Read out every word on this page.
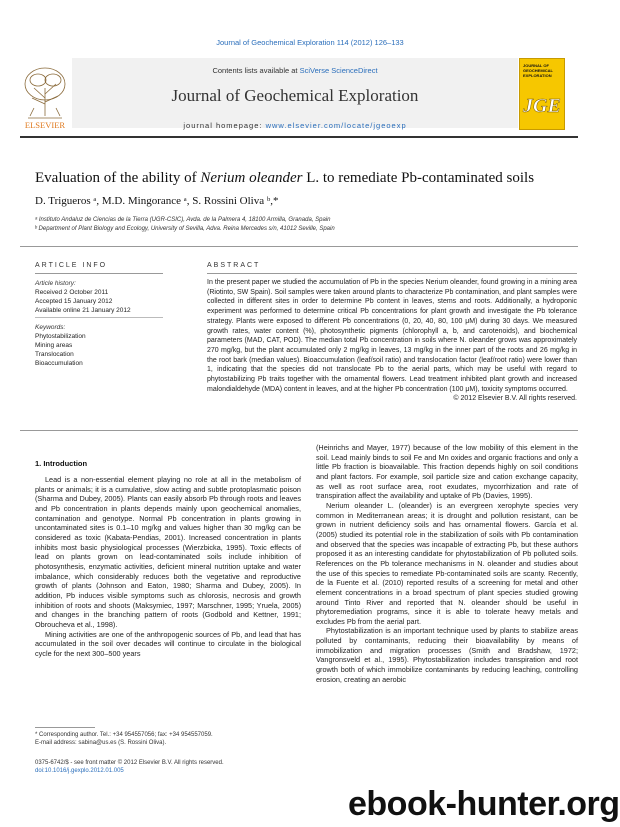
Journal of Geochemical Exploration 114 (2012) 126–133
ELSEVIER
Contents lists available at SciVerse ScienceDirect
Journal of Geochemical Exploration
journal homepage: www.elsevier.com/locate/jgeoexp
JOURNAL OF GEOCHEMICAL EXPLORATION
JGE
Evaluation of the ability of Nerium oleander L. to remediate Pb-contaminated soils
D. Trigueros ᵃ, M.D. Mingorance ᵃ, S. Rossini Oliva ᵇ,*
ᵃ Instituto Andaluz de Ciencias de la Tierra (UGR-CSIC), Avda. de la Palmera 4, 18100 Armilla, Granada, Spain
ᵇ Department of Plant Biology and Ecology, University of Sevilla, Adva. Reina Mercedes s/n, 41012 Seville, Spain
ARTICLE INFO	ABSTRACT
Article history:
Received 2 October 2011
Accepted 15 January 2012
Available online 21 January 2012
Keywords:
Phytostabilization
Mining areas
Translocation
Bioaccumulation
In the present paper we studied the accumulation of Pb in the species Nerium oleander, found growing in a mining area (Riotinto, SW Spain). Soil samples were taken around plants to characterize Pb contamination, and plant samples were collected in different sites in order to determine Pb content in leaves, stems and roots. Additionally, a hydroponic experiment was performed to determine critical Pb concentrations for plant growth and investigate the Pb tolerance strategy. Plants were exposed to different Pb concentrations (0, 20, 40, 80, 100 μM) during 30 days. We measured growth rates, water content (%), photosynthetic pigments (chlorophyll a, b, and carotenoids), and biochemical parameters (MAD, CAT, POD). The median total Pb concentration in soils where N. oleander grows was approximately 270 mg/kg, but the plant accumulated only 2 mg/kg in leaves, 13 mg/kg in the inner part of the roots and 26 mg/kg in the root bark (median values). Bioaccumulation (leaf/soil ratio) and translocation factor (leaf/root ratio) were lower than 1, indicating that the species did not translocate Pb to the aerial parts, which may be useful with regard to phytostabilizing Pb traits together with the ornamental flowers. Lead treatment inhibited plant growth and increased malondialdehyde (MDA) content in leaves, and at the higher Pb concentration (100 μM), toxicity symptoms occurred.
© 2012 Elsevier B.V. All rights reserved.
1. Introduction

Lead is a non-essential element playing no role at all in the metabolism of plants or animals; it is a cumulative, slow acting and subtle protoplasmatic poison (Sharma and Dubey, 2005). Plants can easily absorb Pb through roots and leaves and Pb concentration in plants depends mainly upon geochemical anomalies, contamination and genotype. Normal Pb concentration in plants growing in uncontaminated sites is 0.1–10 mg/kg and values higher than 30 mg/kg can be considered as toxic (Kabata-Pendias, 2001). Increased concentration in plants inhibits most basic physiological processes (Wierzbicka, 1995). Toxic effects of lead on plants grown on lead-contaminated soils include inhibition of photosynthesis, enzymatic activities, deficient mineral nutrition uptake and water imbalance, which considerably reduces both the vegetative and reproductive growth of plants (Johnson and Eaton, 1980; Sharma and Dubey, 2005). In addition, Pb induces visible symptoms such as chlorosis, necrosis and growth inhibition of roots and shoots (Maksymiec, 1997; Marschner, 1995; Yruela, 2005) and changes in the branching pattern of roots (Godbold and Kettner, 1991; Obroucheva et al., 1998).

Mining activities are one of the anthropogenic sources of Pb, and lead that has accumulated in the soil over decades will continue to circulate in the biological cycle for the next 300–500 years

(Heinrichs and Mayer, 1977) because of the low mobility of this element in the soil. Lead mainly binds to soil Fe and Mn oxides and organic fractions and only a little Pb fraction is bioavailable. This fraction depends highly on soil conditions and plant factors. For example, soil particle size and cation exchange capacity, as well as root surface area, root exudates, mycorrhization and rate of transpiration affect the availability and uptake of Pb (Davies, 1995).

Nerium oleander L. (oleander) is an evergreen xerophyte species very common in Mediterranean areas; it is drought and pollution resistant, can be grown in nutrient deficiency soils and has ornamental flowers. García et al. (2005) studied its potential role in the stabilization of soils with Pb contamination and observed that the species was incapable of extracting Pb, but these authors proposed it as an interesting candidate for phytostabilization of Pb polluted soils. References on the Pb tolerance mechanisms in N. oleander and studies about the use of this species to remediate Pb-contaminated soils are scanty. Recently, de la Fuente et al. (2010) reported results of a screening for metal and other element concentrations in a broad spectrum of plant species studied growing around Tinto River and reported that N. oleander should be useful in phytoremediation programs, since it is able to tolerate heavy metals and excludes Pb from the aerial part.

Phytostabilization is an important technique used by plants to stabilize areas polluted by contaminants, reducing their bioavailability by means of immobilization and migration processes (Smith and Bradshaw, 1972; Vangronsveld et al., 1995). Phytostabilization includes transpiration and root growth both of which immobilize contaminants by reducing leaching, controlling erosion, creating an aerobic

* Corresponding author. Tel.: +34 954557056; fax: +34 954557059.
E-mail address: sabina@us.es (S. Rossini Oliva).
0375-6742/$ - see front matter © 2012 Elsevier B.V. All rights reserved.
doi:10.1016/j.gexplo.2012.01.005
ebook-hunter.org
